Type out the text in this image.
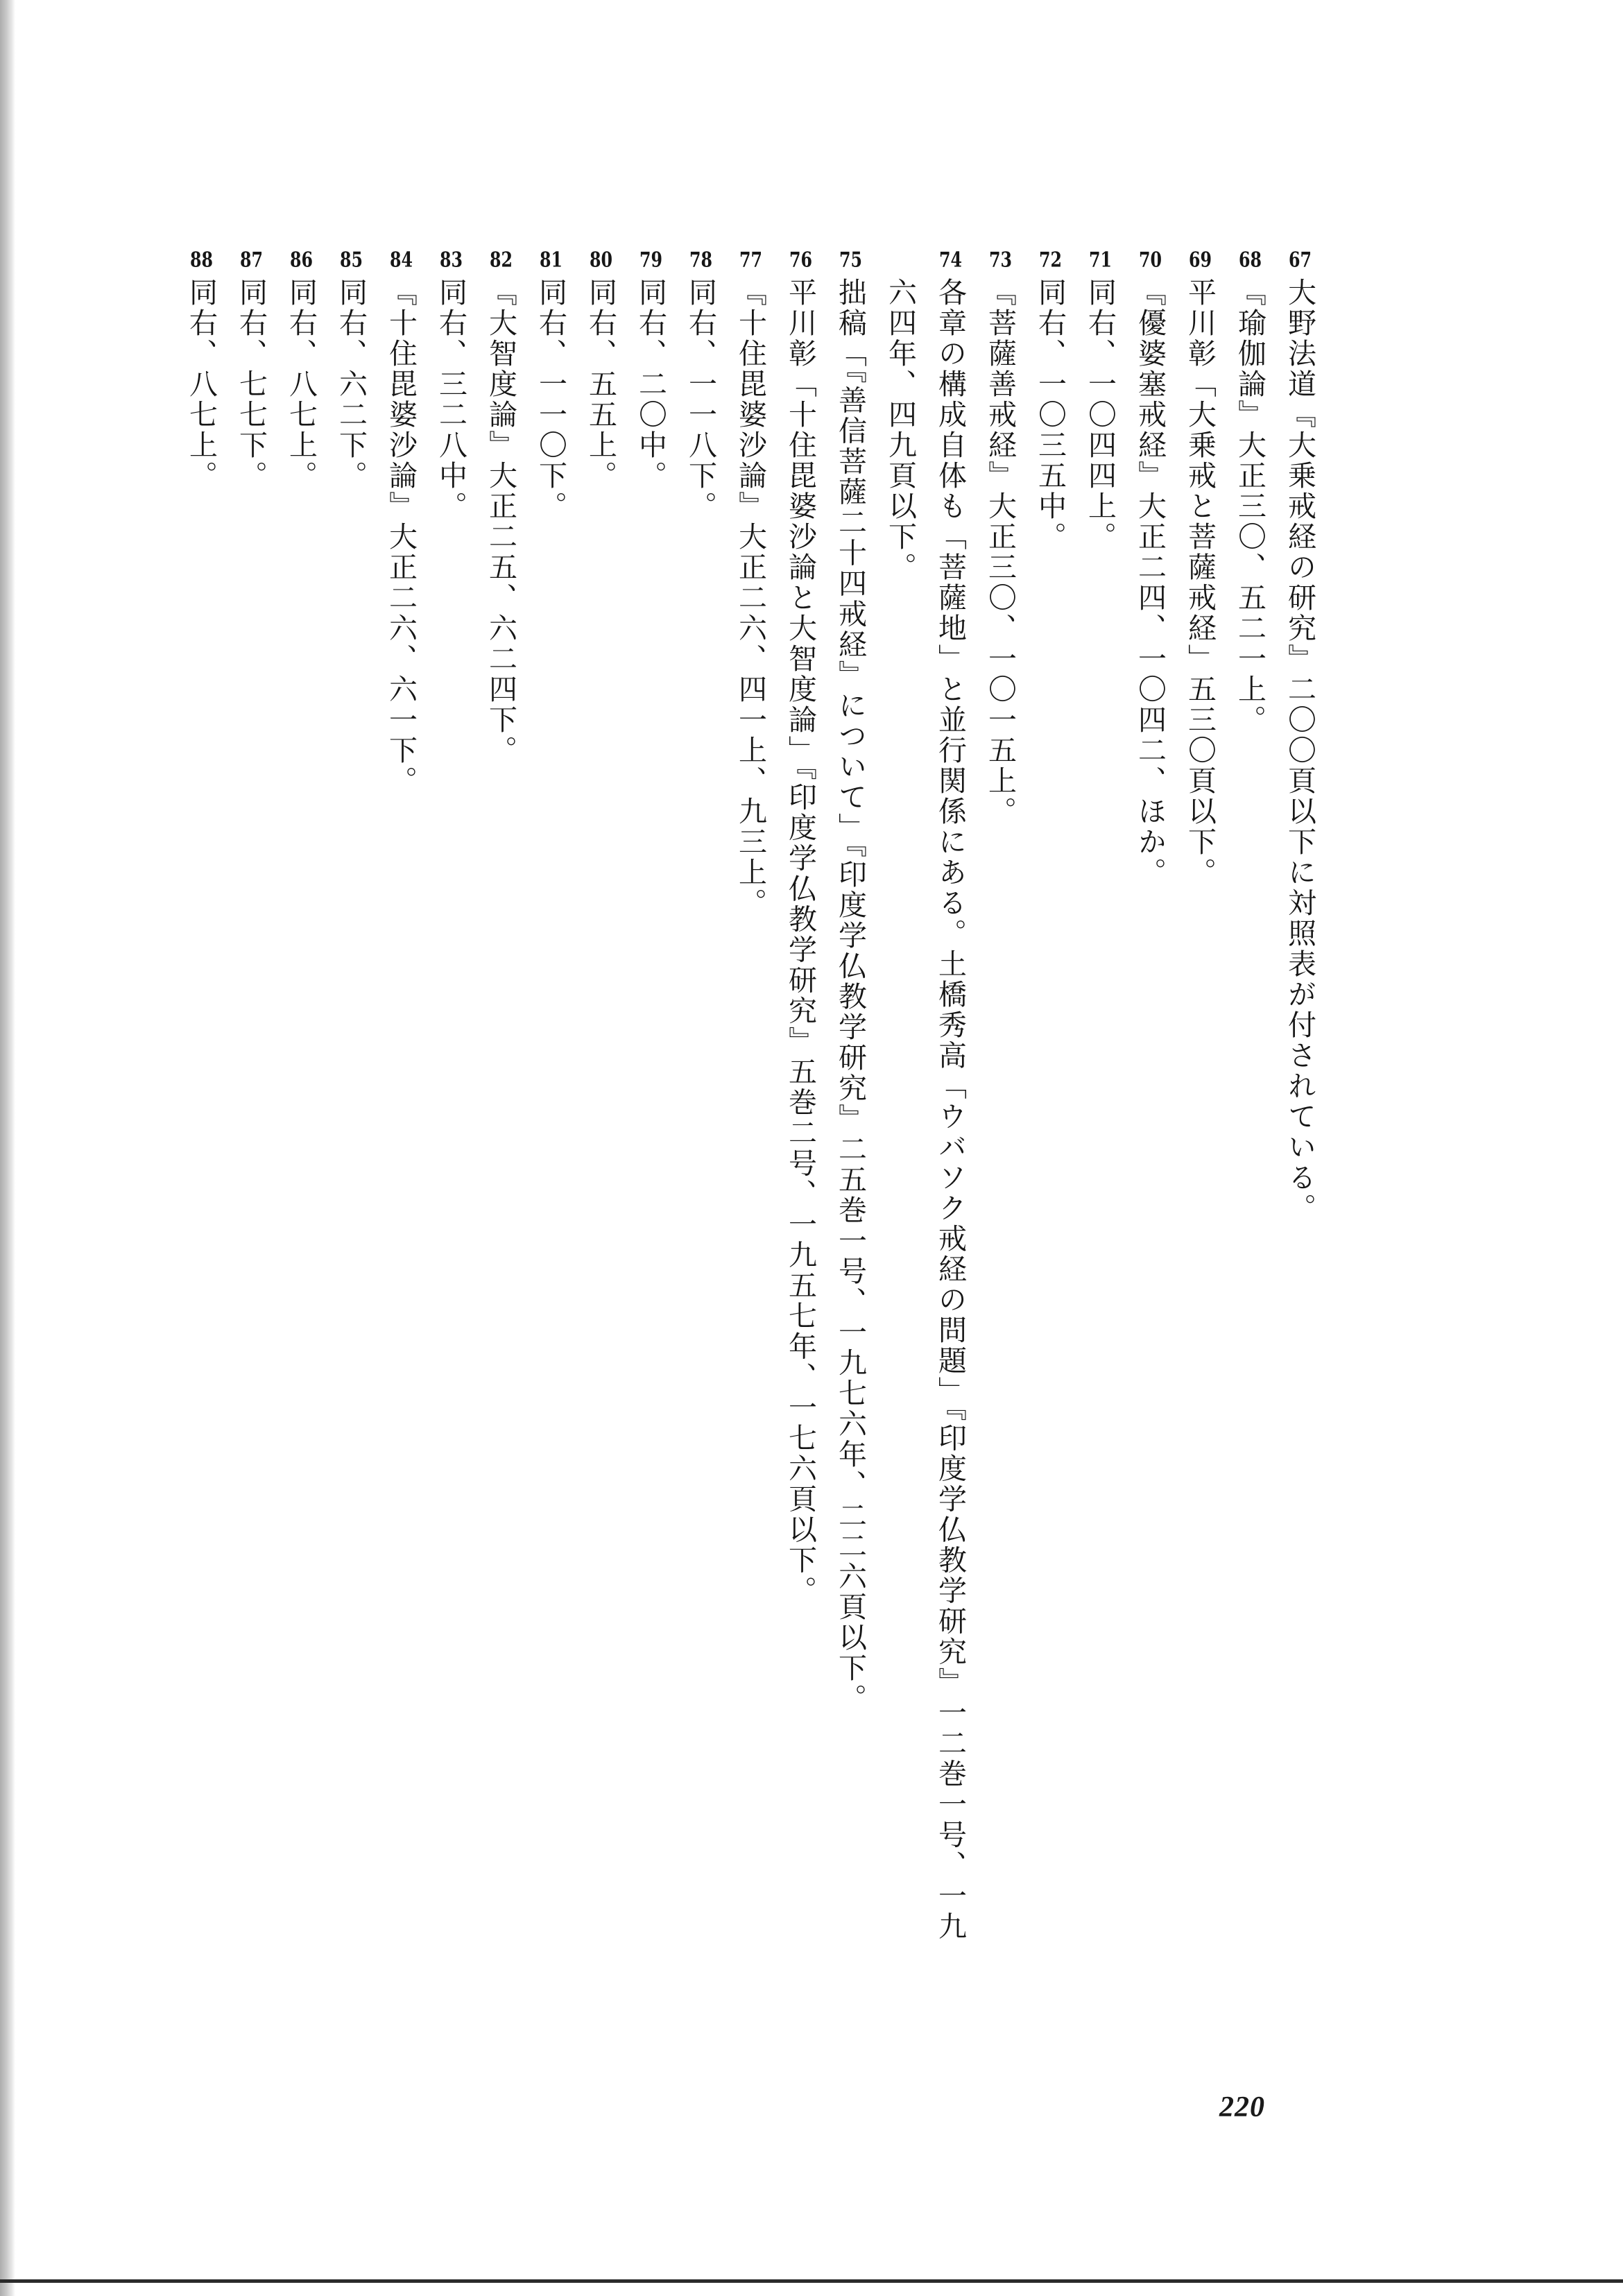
67大野法道『大乗戒経の研究』二〇〇頁以下に対照表が付されている。

68『瑜伽論』大正三〇、五二一上。

69平川彰「大乗戒と菩薩戒経」五三〇頁以下。

70『優婆塞戒経』大正二四、一〇四二、ほか。

71同右、一〇四四上。

72同右、一〇三五中。

73『菩薩善戒経』大正三〇、一〇一五上。

74各章の構成自体も「菩薩地」と並行関係にある。土橋秀高「ウバソク戒経の問題」『印度学仏教学研究』一二巻一号、一九

六四年、四九頁以下。

75拙稿「『善信菩薩二十四戒経』について」『印度学仏教学研究』二五巻一号、一九七六年、二二六頁以下。

76平川彰「十住毘婆沙論と大智度論」『印度学仏教学研究』五巻二号、一九五七年、一七六頁以下。

77『十住毘婆沙論』大正二六、四一上、九三上。

78同右、一一八下。

79同右、二〇中。

80同右、五五上。

81同右、一一〇下。

82『大智度論』大正二五、六二四下。

83同右、三二八中。

84『十住毘婆沙論』大正二六、六一下。

85同右、六二下。

86同右、八七上。

87同右、七七下。

88同右、八七上。

220
